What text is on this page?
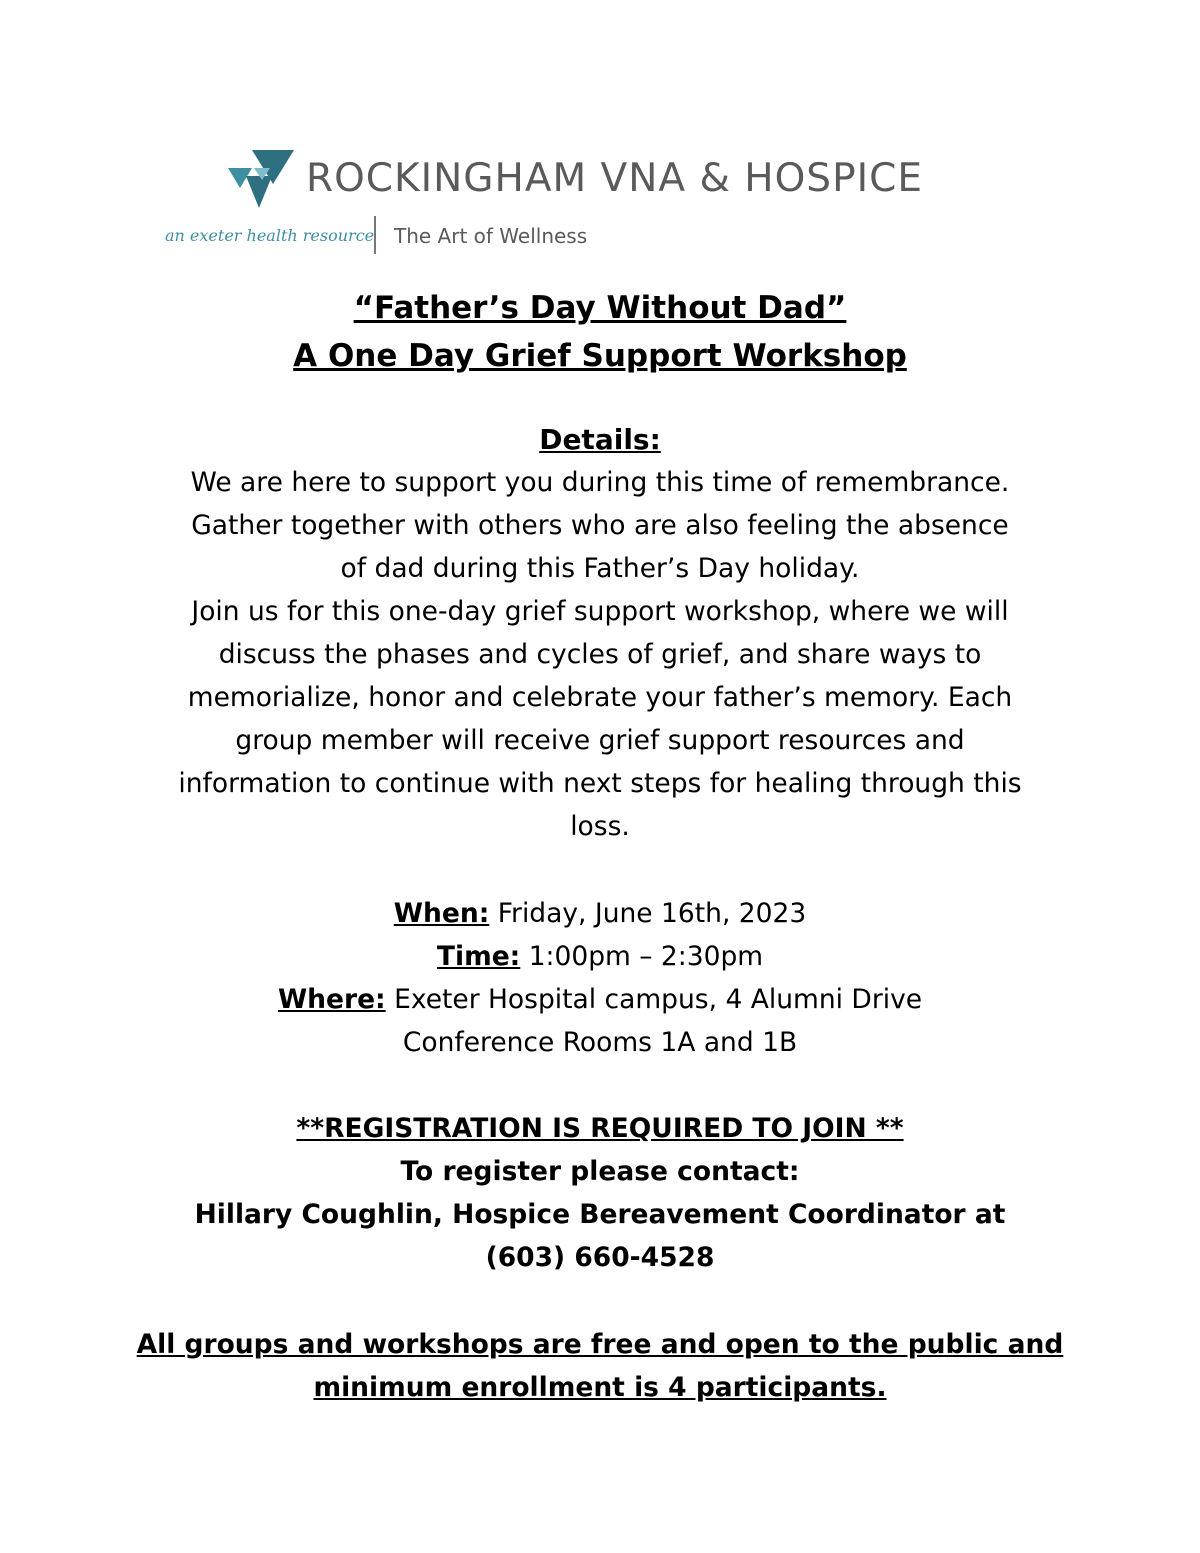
ROCKINGHAM VNA & HOSPICE
an exeter health resource The Art of Wellness
“Father’s Day Without Dad”
A One Day Grief Support Workshop
Details:
We are here to support you during this time of remembrance.
Gather together with others who are also feeling the absence
of dad during this Father’s Day holiday.
Join us for this one-day grief support workshop, where we will
discuss the phases and cycles of grief, and share ways to
memorialize, honor and celebrate your father’s memory. Each
group member will receive grief support resources and
information to continue with next steps for healing through this
loss.
When: Friday, June 16th, 2023
Time: 1:00pm – 2:30pm
Where: Exeter Hospital campus, 4 Alumni Drive
Conference Rooms 1A and 1B
**REGISTRATION IS REQUIRED TO JOIN **
To register please contact:
Hillary Coughlin, Hospice Bereavement Coordinator at
(603) 660-4528
All groups and workshops are free and open to the public and
minimum enrollment is 4 participants.
